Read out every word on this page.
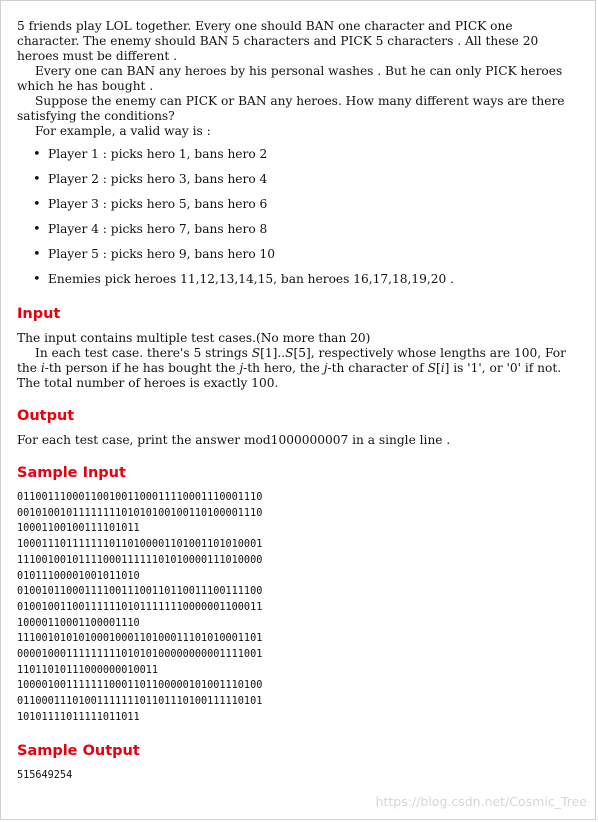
5 friends play LOL together. Every one should BAN one character and PICK one character. The enemy should BAN 5 characters and PICK 5 characters . All these 20 heroes must be different .

Every one can BAN any heroes by his personal washes . But he can only PICK heroes which he has bought .

Suppose the enemy can PICK or BAN any heroes. How many different ways are there satisfying the conditions?

For example, a valid way is :

• Player 1 : picks hero 1, bans hero 2
• Player 2 : picks hero 3, bans hero 4
• Player 3 : picks hero 5, bans hero 6
• Player 4 : picks hero 7, bans hero 8
• Player 5 : picks hero 9, bans hero 10
• Enemies pick heroes 11,12,13,14,15, ban heroes 16,17,18,19,20 .
Input

The input contains multiple test cases.(No more than 20)

In each test case. there's 5 strings S[1]..S[5], respectively whose lengths are 100, For the i-th person if he has bought the j-th hero, the j-th character of S[i] is '1', or '0' if not. The total number of heroes is exactly 100.

Output

For each test case, print the answer mod1000000007 in a single line .

Sample Input
0110011100011001001100011110001110001110
0010100101111111101010100100110100001110
10001100100111101011
1000111011111110110100001101001101010001
1110010010111100011111101010000111010000
01011100001001011010
0100101100011110011100110110011100111100
0100100110011111101011111110000001100011
10000110001100001110
1110010101010001000110100011101010001101
0000100011111111101010100000000001111001
11011010111000000010011
1000010011111110001101100000101001110100
0110001110100111111101101110100111110101
10101111011111011011
Sample Output
515649254
https://blog.csdn.net/Cosmic_Tree
